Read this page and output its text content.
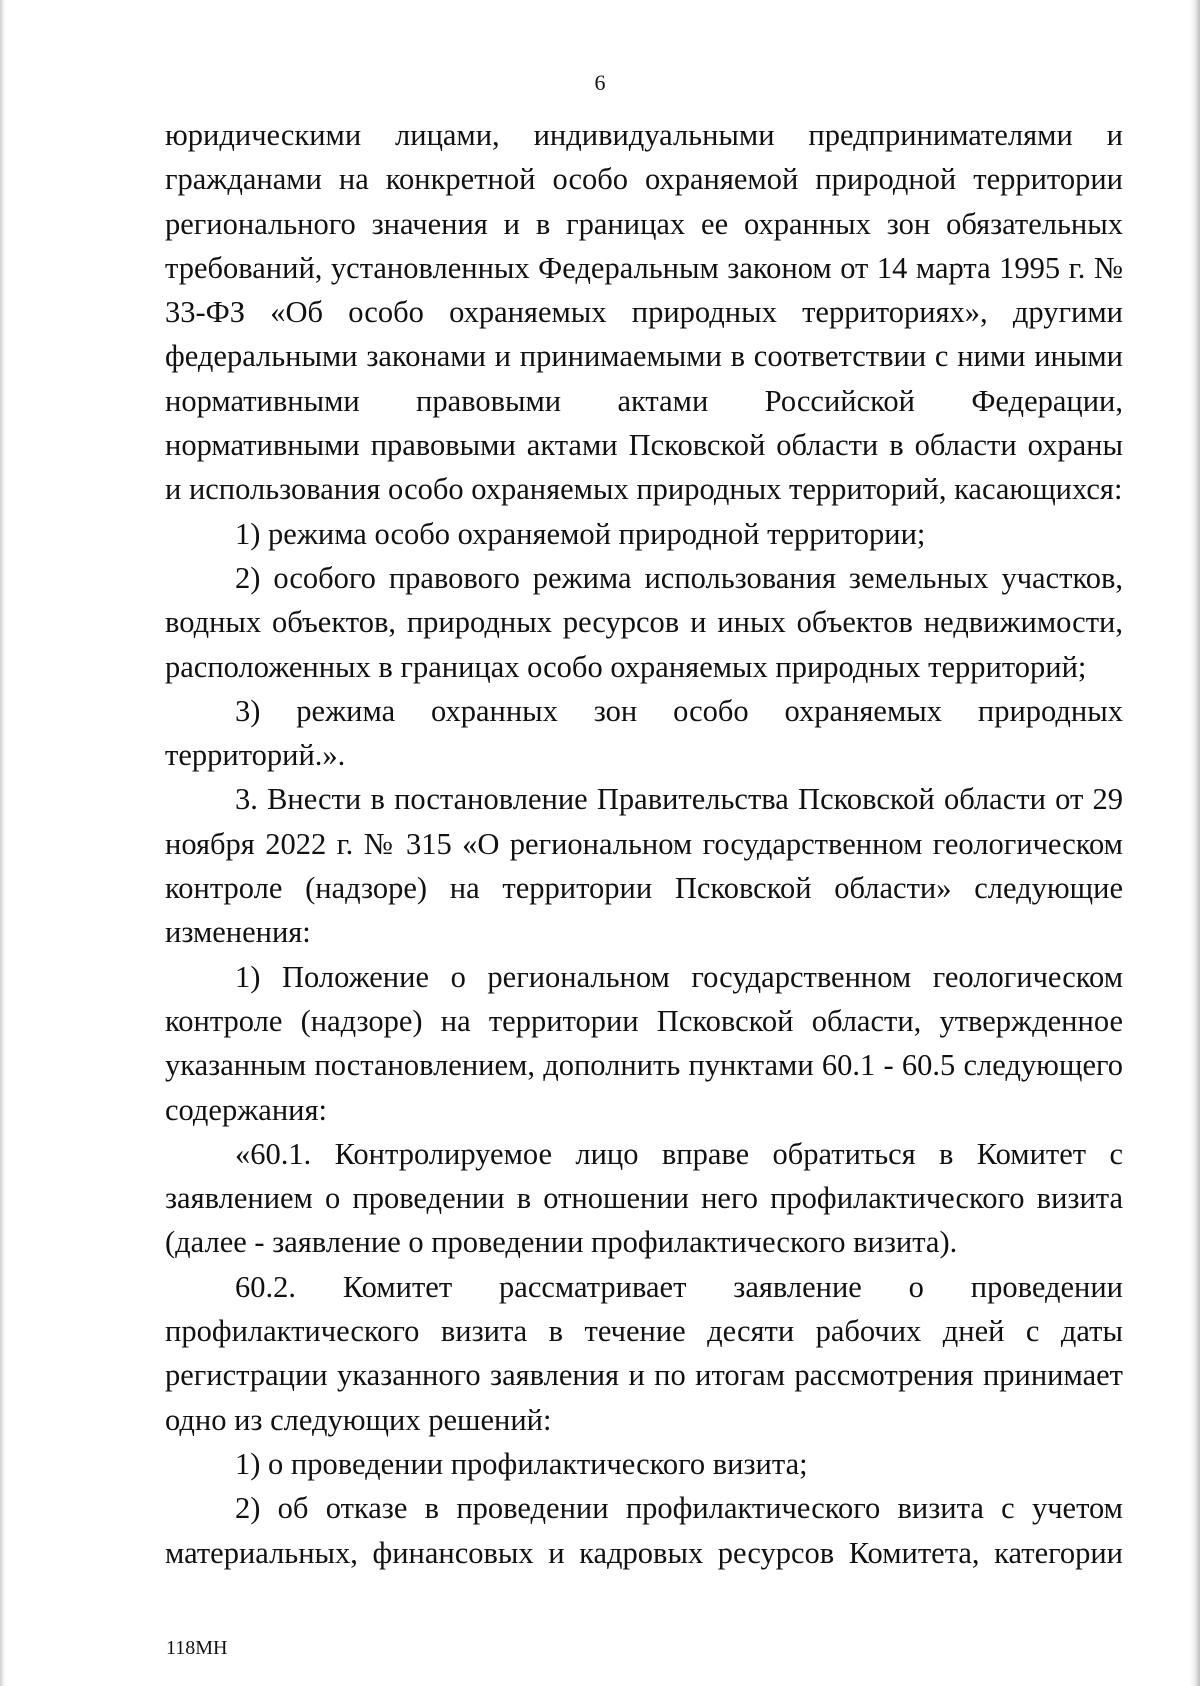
6

юридическими лицами, индивидуальными предпринимателями и гражданами на конкретной особо охраняемой природной территории регионального значения и в границах ее охранных зон обязательных требований, установленных Федеральным законом от 14 марта 1995 г. № 33-ФЗ «Об особо охраняемых природных территориях», другими федеральными законами и принимаемыми в соответствии с ними иными нормативными правовыми актами Российской Федерации, нормативными правовыми актами Псковской области в области охраны и использования особо охраняемых природных территорий, касающихся:

1) режима особо охраняемой природной территории;

2) особого правового режима использования земельных участков, водных объектов, природных ресурсов и иных объектов недвижимости, расположенных в границах особо охраняемых природных территорий;

3) режима охранных зон особо охраняемых природных территорий.».

3. Внести в постановление Правительства Псковской области от 29 ноября 2022 г. № 315 «О региональном государственном геологическом контроле (надзоре) на территории Псковской области» следующие изменения:

1) Положение о региональном государственном геологическом контроле (надзоре) на территории Псковской области, утвержденное указанным постановлением, дополнить пунктами 60.1 - 60.5 следующего содержания:

«60.1. Контролируемое лицо вправе обратиться в Комитет с заявлением о проведении в отношении него профилактического визита (далее - заявление о проведении профилактического визита).

60.2. Комитет рассматривает заявление о проведении профилактического визита в течение десяти рабочих дней с даты регистрации указанного заявления и по итогам рассмотрения принимает одно из следующих решений:

1) о проведении профилактического визита;

2) об отказе в проведении профилактического визита с учетом материальных, финансовых и кадровых ресурсов Комитета, категории

118МН
